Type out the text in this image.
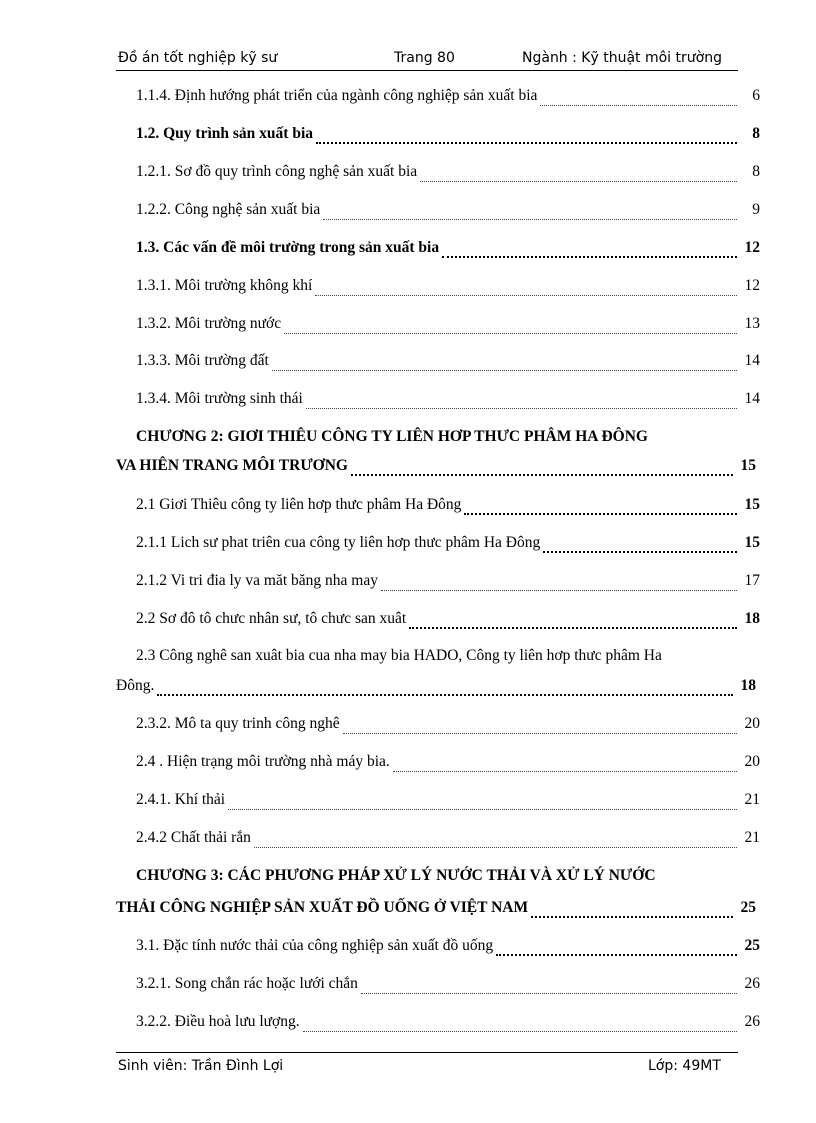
Đồ án tốt nghiệp kỹ sư	Trang 80	Ngành : Kỹ thuật môi trường
1.1.4. Định hướng phát triển của ngành công nghiệp sản xuất bia	6
1.2. Quy trình sản xuất bia	8
1.2.1. Sơ đồ quy trình công nghệ sản xuất bia	8
1.2.2. Công nghệ sản xuất bia	9
1.3. Các vấn đề môi trường trong sản xuất bia	12
1.3.1. Môi trường không khí	12
1.3.2. Môi trường nước	13
1.3.3. Môi trường đất	14
1.3.4. Môi trường sinh thái	14
CHƯƠNG 2: GIƠI THIÊU CÔNG TY LIÊN HƠP THƯC PHÂM HA ĐÔNG
VA HIÊN TRANG MÔI TRƯƠNG	15
2.1 Giơi Thiêu công ty liên hơp thưc phâm Ha Đông	15
2.1.1 Lich sư phat triên cua công ty liên hơp thưc phâm Ha Đông	15
2.1.2 Vi tri đia ly va măt băng nha may	17
2.2 Sơ đô tô chưc nhân sư, tô chưc san xuât	18
2.3 Công nghê san xuât bia cua nha may bia HADO, Công ty liên hơp thưc phâm Ha
Đông.	18
2.3.2. Mô ta quy trinh công nghê	20
2.4 . Hiện trạng môi trường nhà máy bia.	20
2.4.1. Khí thải	21
2.4.2 Chất thải rắn	21
CHƯƠNG 3: CÁC PHƯƠNG PHÁP XỬ LÝ NƯỚC THẢI VÀ XỬ LÝ NƯỚC
THẢI CÔNG NGHIỆP SẢN XUẤT ĐỒ UỐNG Ở VIỆT NAM	25
3.1. Đặc tính nước thải của công nghiệp sản xuất đồ uống	25
3.2.1. Song chắn rác hoặc lưới chắn	26
3.2.2. Điều hoà lưu lượng.	26
Sinh viên: Trần Đình Lợi	Lớp: 49MT
